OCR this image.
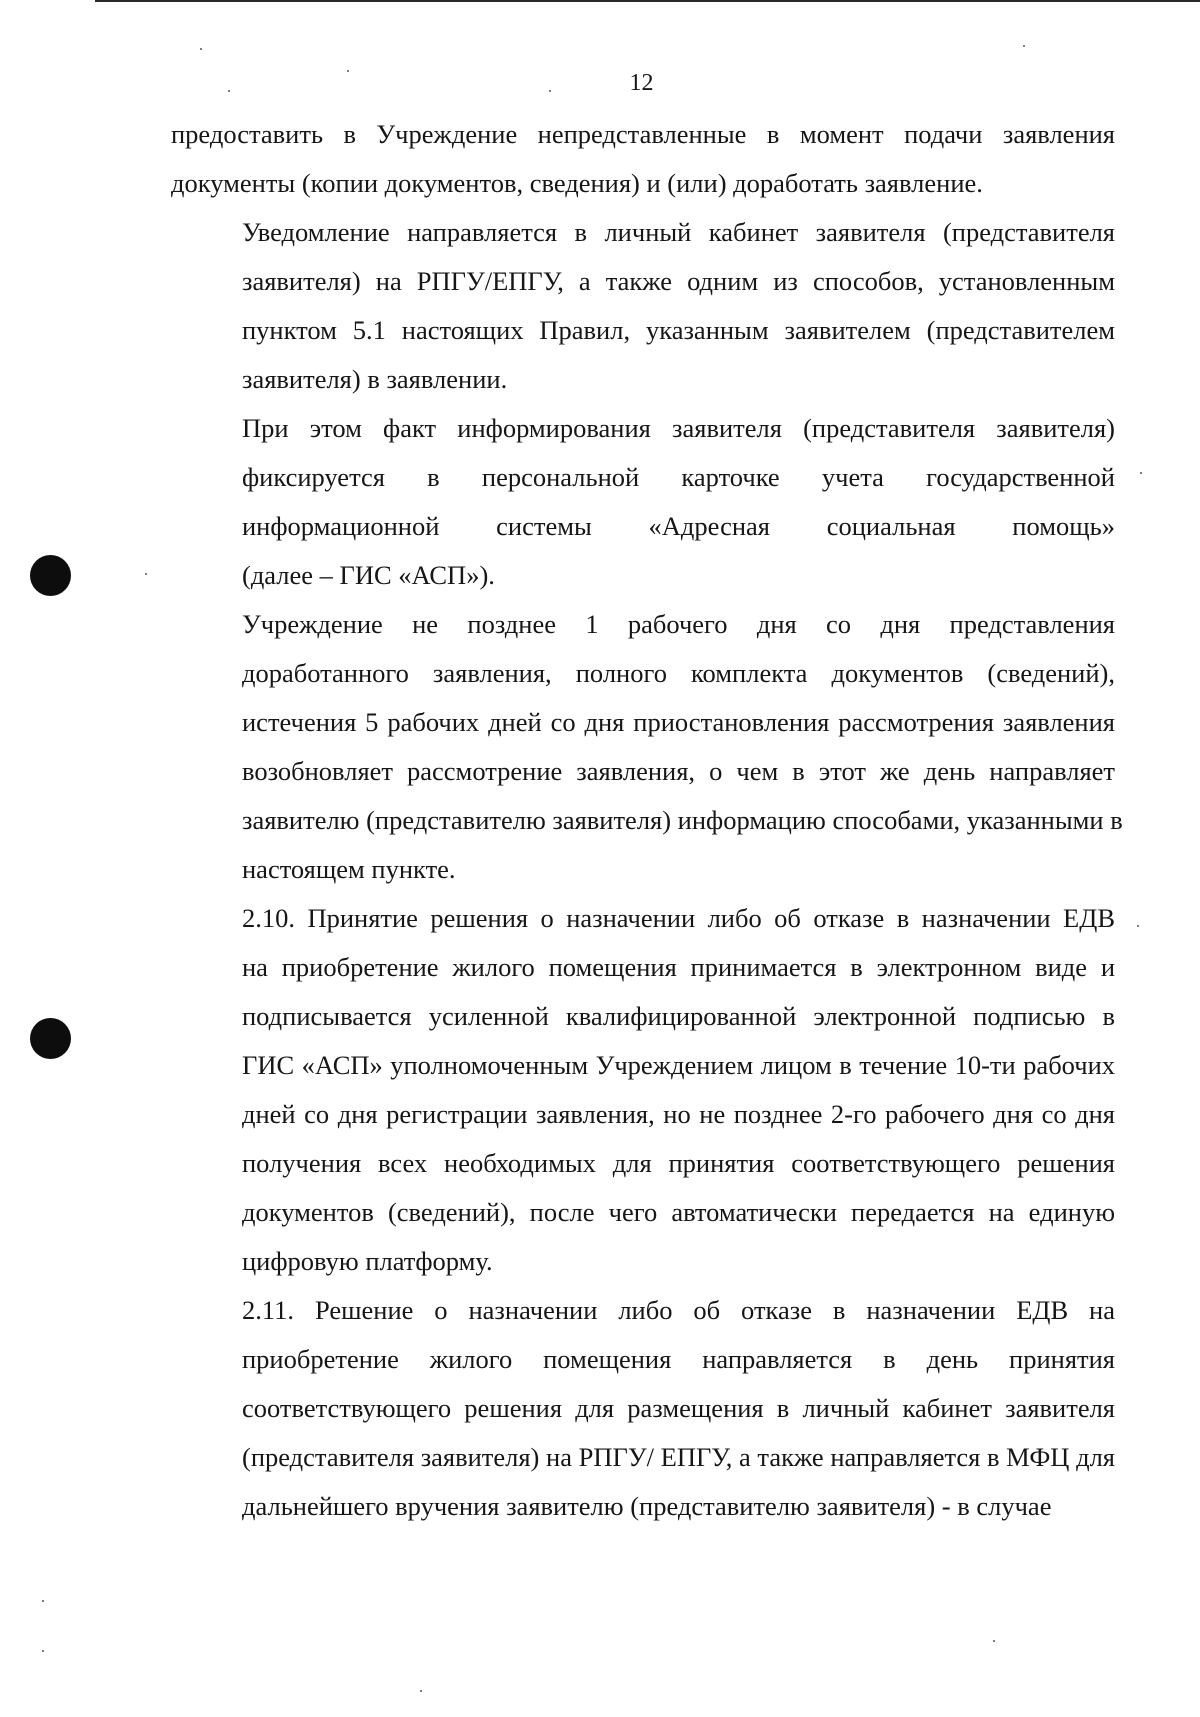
12

предоставить в Учреждение непредставленные в момент подачи заявления
документы (копии документов, сведения) и (или) доработать заявление.

Уведомление направляется в личный кабинет заявителя (представителя
заявителя) на РПГУ/ЕПГУ, а также одним из способов, установленным
пунктом 5.1 настоящих Правил, указанным заявителем (представителем
заявителя) в заявлении.

При этом факт информирования заявителя (представителя заявителя)
фиксируется в персональной карточке учета государственной
информационной системы «Адресная социальная помощь»
(далее – ГИС «АСП»).

Учреждение не позднее 1 рабочего дня со дня представления
доработанного заявления, полного комплекта документов (сведений),
истечения 5 рабочих дней со дня приостановления рассмотрения заявления
возобновляет рассмотрение заявления, о чем в этот же день направляет
заявителю (представителю заявителя) информацию способами, указанными в
настоящем пункте.

2.10. Принятие решения о назначении либо об отказе в назначении ЕДВ
на приобретение жилого помещения принимается в электронном виде и
подписывается усиленной квалифицированной электронной подписью в
ГИС «АСП» уполномоченным Учреждением лицом в течение 10-ти рабочих
дней со дня регистрации заявления, но не позднее 2-го рабочего дня со дня
получения всех необходимых для принятия соответствующего решения
документов (сведений), после чего автоматически передается на единую
цифровую платформу.

2.11. Решение о назначении либо об отказе в назначении ЕДВ на
приобретение жилого помещения направляется в день принятия
соответствующего решения для размещения в личный кабинет заявителя
(представителя заявителя) на РПГУ/ ЕПГУ, а также направляется в МФЦ для
дальнейшего вручения заявителю (представителю заявителя) - в случае
